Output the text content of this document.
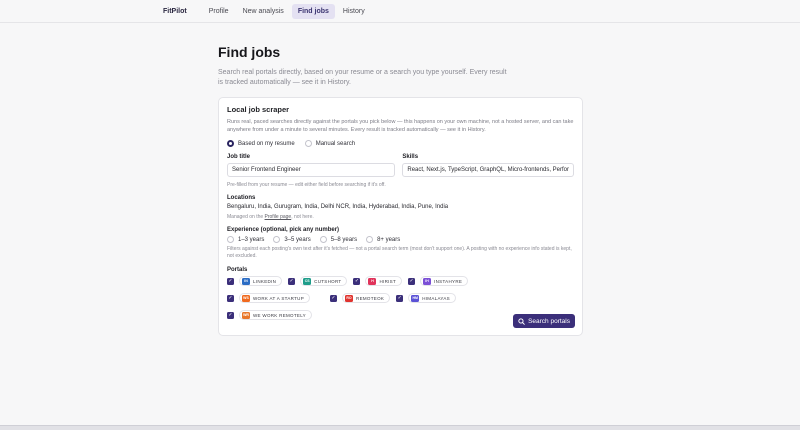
FitPilot	Profile	New analysis	Find jobs	History
Find jobs
Search real portals directly, based on your resume or a search you type yourself. Every result is tracked automatically — see it in History.
Local job scraper
Runs real, paced searches directly against the portals you pick below — this happens on your own machine, not a hosted server, and can take anywhere from under a minute to several minutes. Every result is tracked automatically — see it in History.
Based on my resume	Manual search
Job title
Senior Frontend Engineer
Skills
React, Next.js, TypeScript, GraphQL, Micro-frontends, Perfor
Pre-filled from your resume — edit either field before searching if it's off.
Locations
Bengaluru, India, Gurugram, India, Delhi NCR, India, Hyderabad, India, Pune, India
Managed on the Profile page, not here.
Experience (optional, pick any number)
1–3 years	3–5 years	5–8 years	8+ years
Filters against each posting's own text after it's fetched — not a portal search term (most don't support one). A posting with no experience info stated is kept, not excluded.
Portals
✓	IN	LINKEDIN	✓	CS	CUTSHORT	✓	H	HIRIST	✓	IH	INSTAHYRE
✓	WS WORK AT A STARTUP	✓	RO REMOTEOK	✓	HM HIMALAYAS
✓	WR WE WORK REMOTELY
Search portals
